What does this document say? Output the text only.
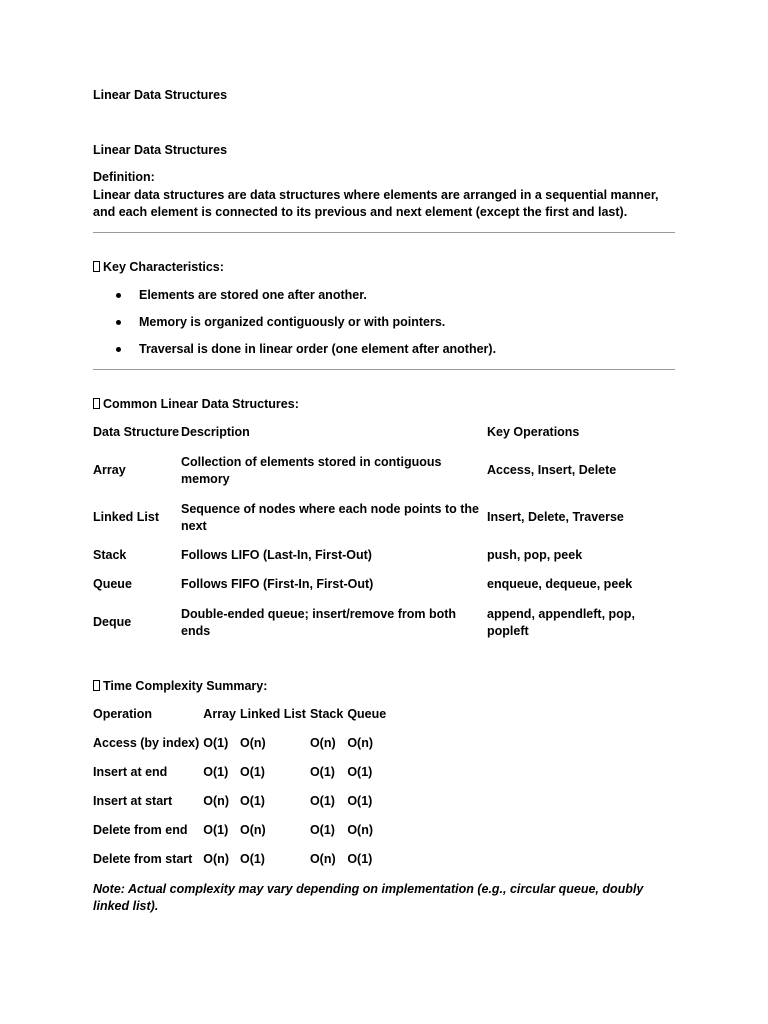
Linear Data Structures
Linear Data Structures
Definition:
Linear data structures are data structures where elements are arranged in a sequential manner, and each element is connected to its previous and next element (except the first and last).
Key Characteristics:
Elements are stored one after another.
Memory is organized contiguously or with pointers.
Traversal is done in linear order (one element after another).
Common Linear Data Structures:
Data Structure	Description	Key Operations
Array	Collection of elements stored in contiguous memory	Access, Insert, Delete
Linked List	Sequence of nodes where each node points to the next	Insert, Delete, Traverse
Stack	Follows LIFO (Last-In, First-Out)	push, pop, peek
Queue	Follows FIFO (First-In, First-Out)	enqueue, dequeue, peek
Deque	Double-ended queue; insert/remove from both ends	append, appendleft, pop, popleft
Time Complexity Summary:
Operation	Array	Linked List	Stack	Queue
Access (by index)	O(1)	O(n)	O(n)	O(n)
Insert at end	O(1)	O(1)	O(1)	O(1)
Insert at start	O(n)	O(1)	O(1)	O(1)
Delete from end	O(1)	O(n)	O(1)	O(n)
Delete from start	O(n)	O(1)	O(n)	O(1)
Note: Actual complexity may vary depending on implementation (e.g., circular queue, doubly linked list).
